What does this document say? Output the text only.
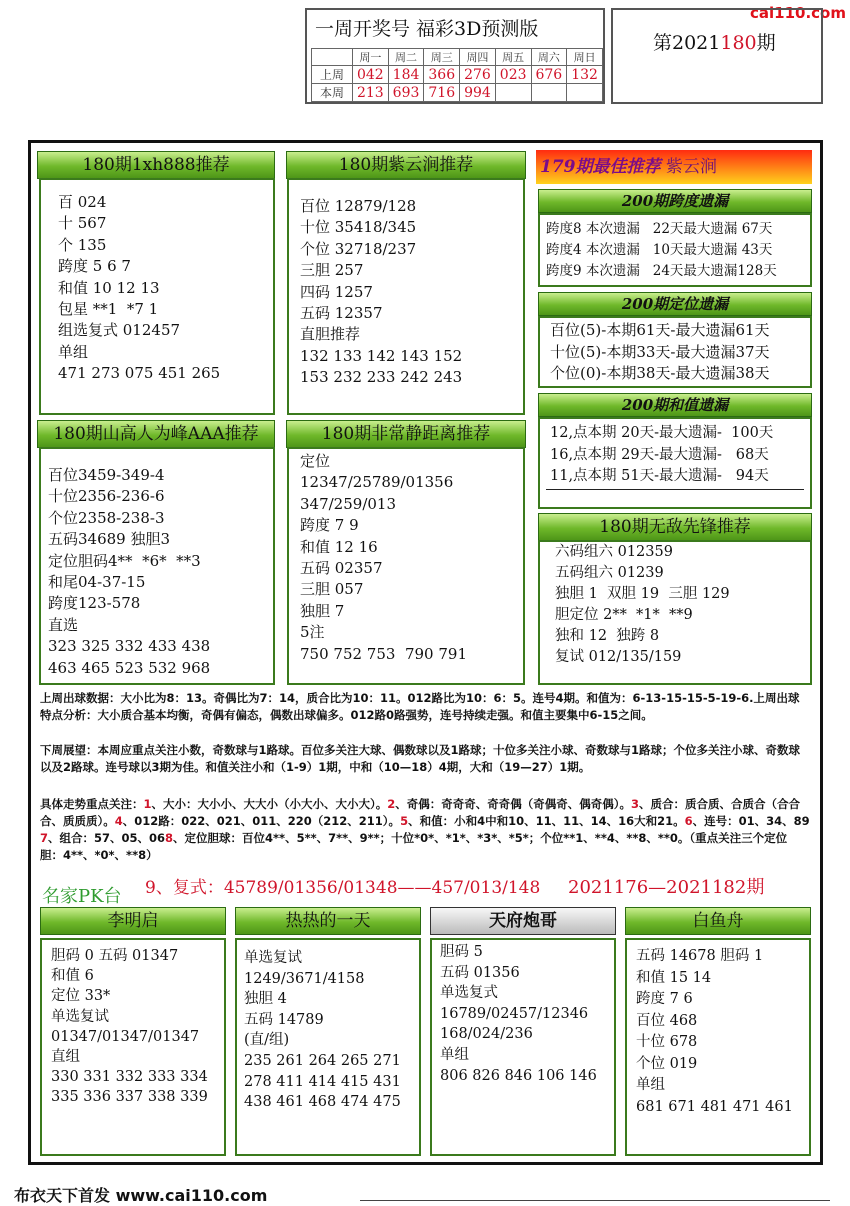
cai110.com
一周开奖号 福彩3D预测版
	周一	周二	周三	周四	周五	周六	周日
上周	042	184	366	276	023	676	132
本周	213	693	716	994			
第2021180期
180期1xh888推荐
百 024
十 567
个 135
跨度 5 6 7
和值 10 12 13
包星 **1  *7 1
组选复式 012457
单组
471 273 075 451 265
180期紫云涧推荐
百位 12879/128
十位 35418/345
个位 32718/237
三胆 257
四码 1257
五码 12357
直胆推荐
132 133 142 143 152
153 232 233 242 243
180期山高人为峰AAA推荐
百位3459-349-4
十位2356-236-6
个位2358-238-3
五码34689 独胆3
定位胆码4**  *6*  **3
和尾04-37-15
跨度123-578
直选
323 325 332 433 438
463 465 523 532 968
180期非常静距离推荐
定位
12347/25789/01356
347/259/013
跨度 7 9
和值 12 16
五码 02357
三胆 057
独胆 7
5注
750 752 753  790 791
179期最佳推荐 紫云涧
200期跨度遗漏
跨度8 本次遗漏   22天最大遗漏 67天
跨度4 本次遗漏   10天最大遗漏 43天
跨度9 本次遗漏   24天最大遗漏128天
200期定位遗漏
百位(5)-本期61天-最大遗漏61天
十位(5)-本期33天-最大遗漏37天
个位(0)-本期38天-最大遗漏38天
200期和值遗漏
12,点本期 20天-最大遗漏-  100天
16,点本期 29天-最大遗漏-   68天
11,点本期 51天-最大遗漏-   94天
180期无敌先锋推荐
六码组六 012359
五码组六 01239
独胆 1  双胆 19  三胆 129
胆定位 2**  *1*  **9
独和 12  独跨 8
复试 012/135/159
上周出球数据：大小比为8：13。奇偶比为7：14，质合比为10：11。012路比为10：6：5。连号4期。和值为：6-13-15-15-5-19-6.上周出球特点分析：大小质合基本均衡，奇偶有偏态，偶数出球偏多。012路0路强势，连号持续走强。和值主要集中6-15之间。
下周展望：本周应重点关注小数，奇数球与1路球。百位多关注大球、偶数球以及1路球；十位多关注小球、奇数球与1路球；个位多关注小球、奇数球以及2路球。连号球以3期为佳。和值关注小和（1-9）1期，中和（10—18）4期，大和（19—27）1期。
具体走势重点关注：1、大小：大小小、大大小（小大小、大小大）。2、奇偶：奇奇奇、奇奇偶（奇偶奇、偶奇偶）。3、质合：质合质、合质合（合合合、质质质）。4、012路：022、021、011、220（212、211）。5、和值：小和4中和10、11、11、14、16大和21。6、连号：01、34、89 7、组合：57、05、068、定位胆球：百位4**、5**、7**、9**；十位*0*、*1*、*3*、*5*；个位**1、**4、**8、**0。（重点关注三个定位胆：4**、*0*、**8）
9、复式：45789/01356/01348——457/013/148 2021176—2021182期
名家PK台
李明启
胆码 0 五码 01347
和值 6
定位 33*
单选复试
01347/01347/01347
直组
330 331 332 333 334
335 336 337 338 339
热热的一天
单选复试
1249/3671/4158
独胆 4
五码 14789
(直/组)
235 261 264 265 271
278 411 414 415 431
438 461 468 474 475
天府炮哥
胆码 5
五码 01356
单选复式
16789/02457/12346
168/024/236
单组
806 826 846 106 146
白鱼舟
五码 14678 胆码 1
和值 15 14
跨度 7 6
百位 468
十位 678
个位 019
单组
681 671 481 471 461
布衣天下首发 www.cai110.com
